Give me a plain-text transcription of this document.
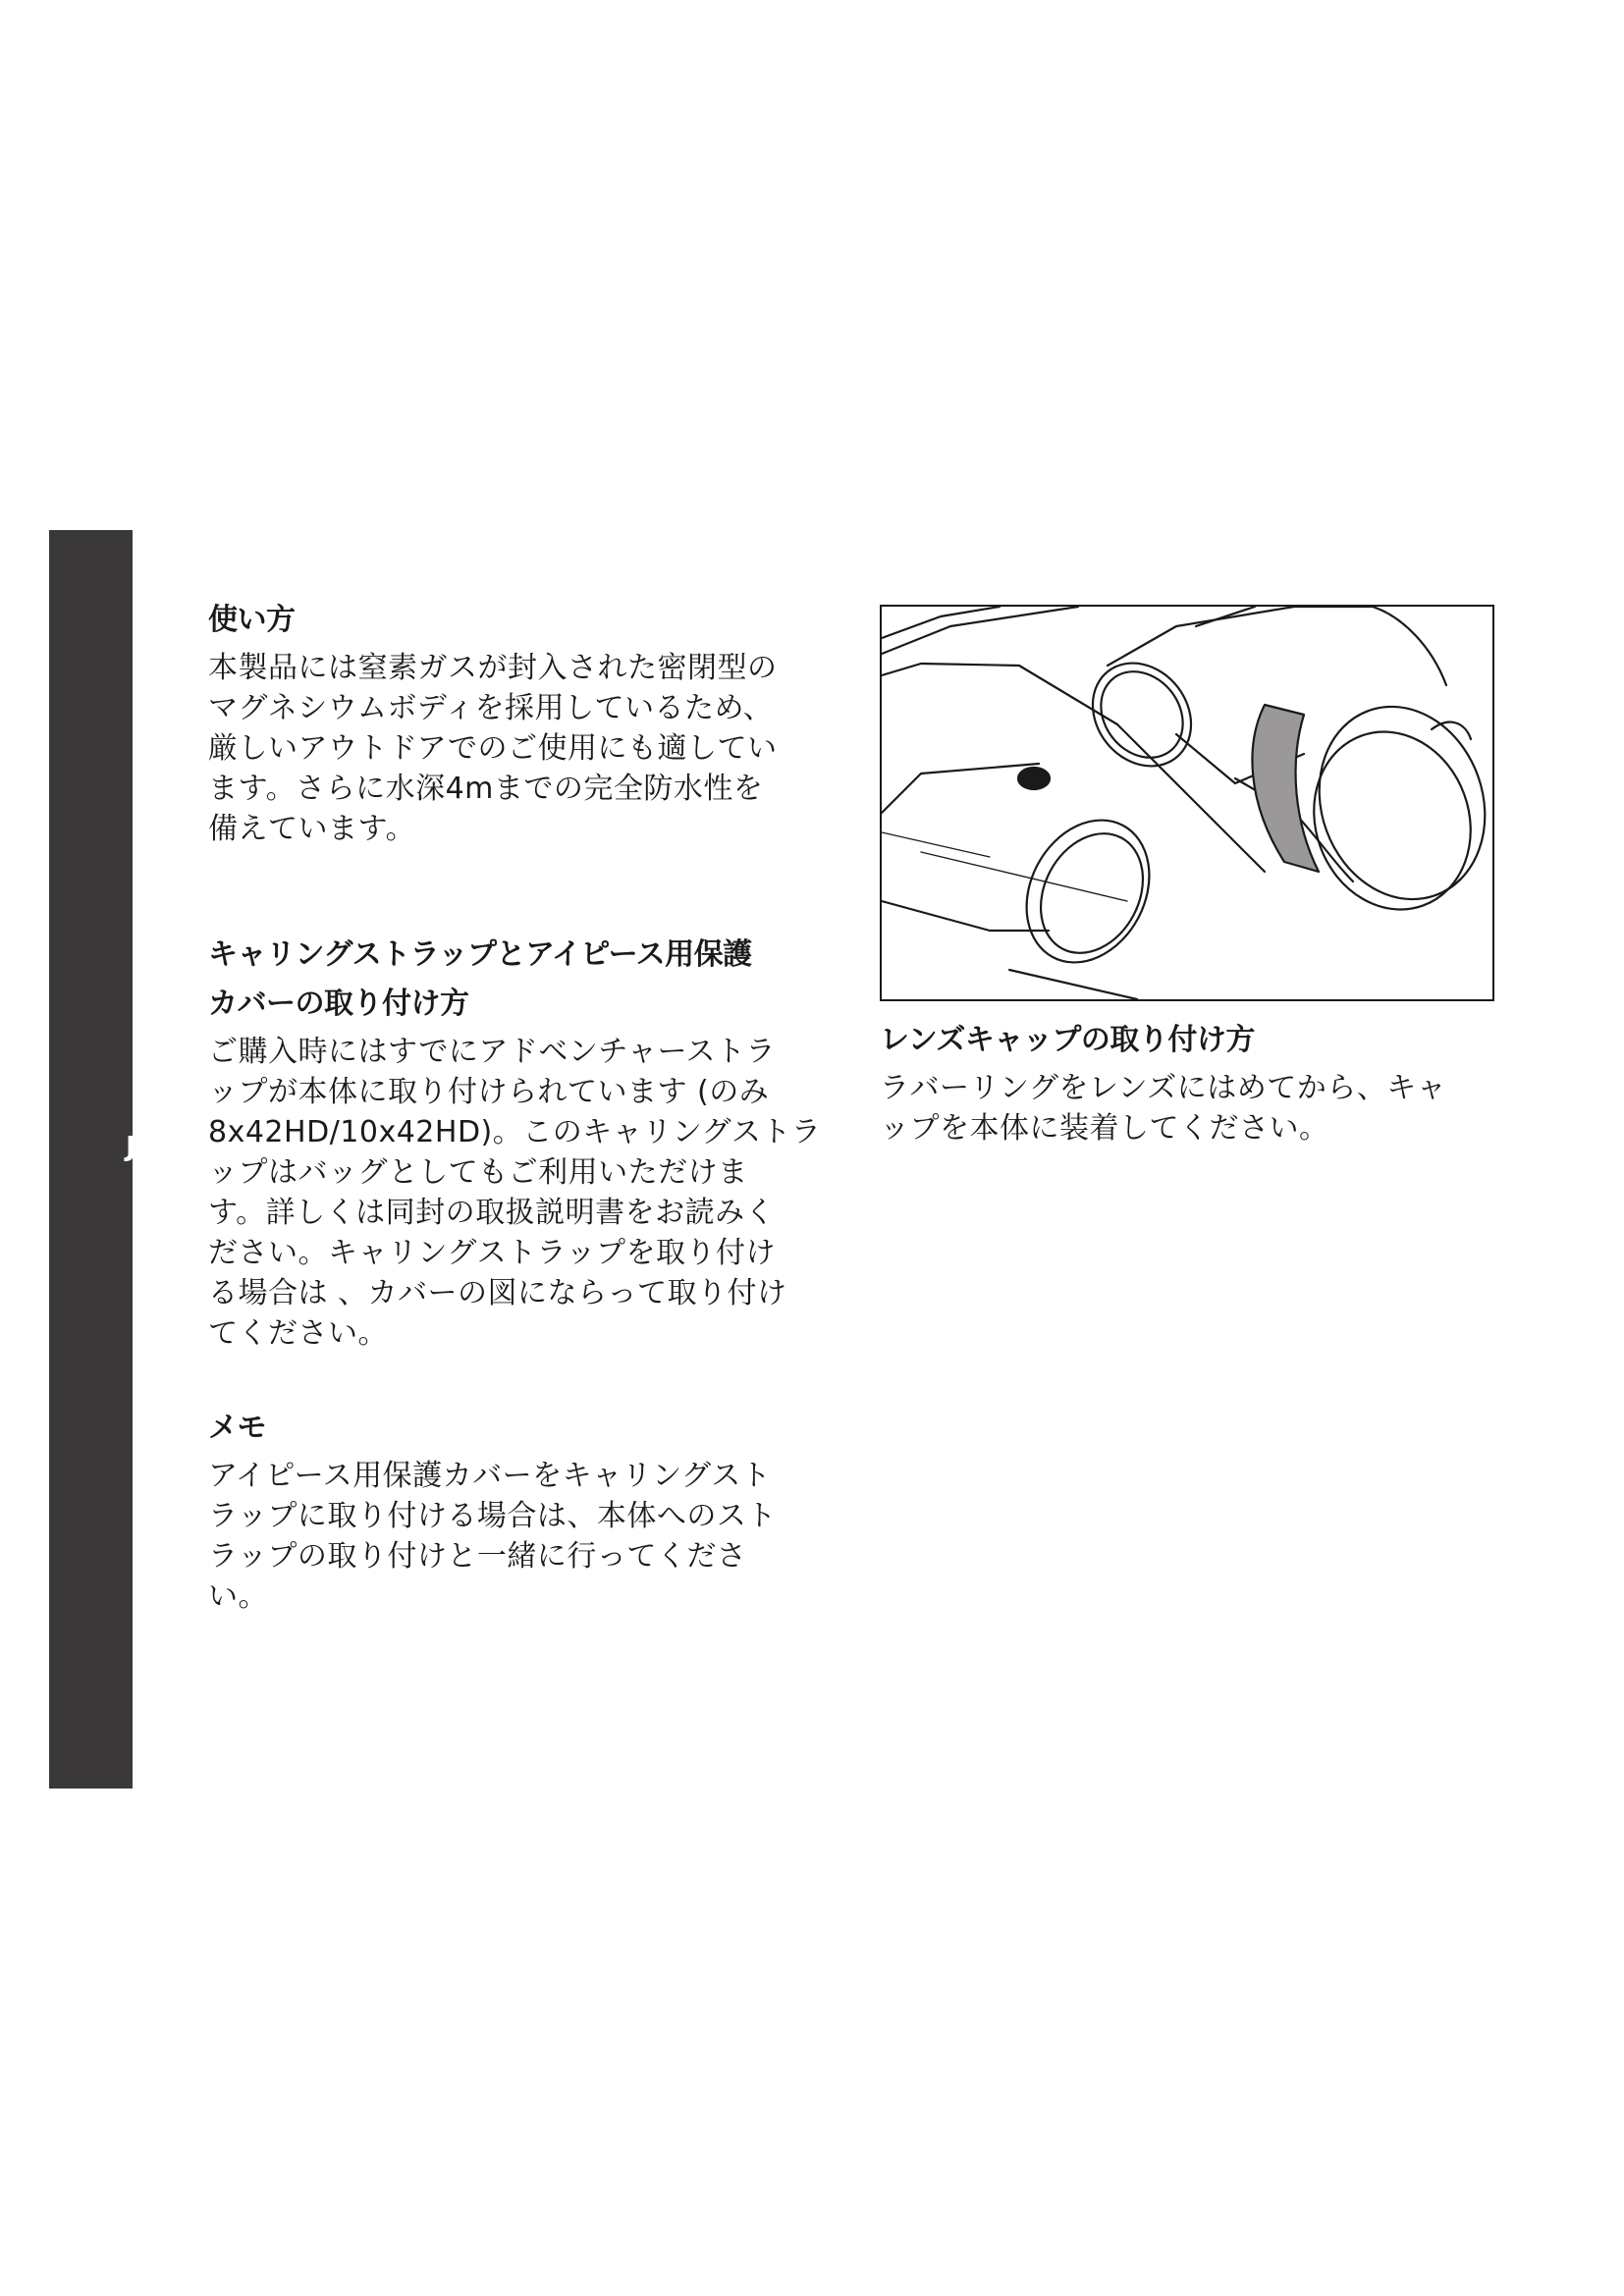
JP
102
使い方

本製品には窒素ガスが封入された密閉型の

マグネシウムボディを採用しているため、

厳しいアウトドアでのご使用にも適してい

ます。さらに水深4mまでの完全防水性を

備えています。

キャリングストラップとアイピース用保護
カバーの取り付け方

ご購入時にはすでにアドベンチャーストラ

ップが本体に取り付けられています (のみ

8x42HD/10x42HD)。このキャリングストラ

ップはバッグとしてもご利用いただけま

す。詳しくは同封の取扱説明書をお読みく

ださい。キャリングストラップを取り付け

る場合は 、カバーの図にならって取り付け

てください。

メモ

アイピース用保護カバーをキャリングスト

ラップに取り付ける場合は、本体へのスト

ラップの取り付けと一緒に行ってくださ

い。

レンズキャップの取り付け方

ラバーリングをレンズにはめてから、キャ

ップを本体に装着してください。
